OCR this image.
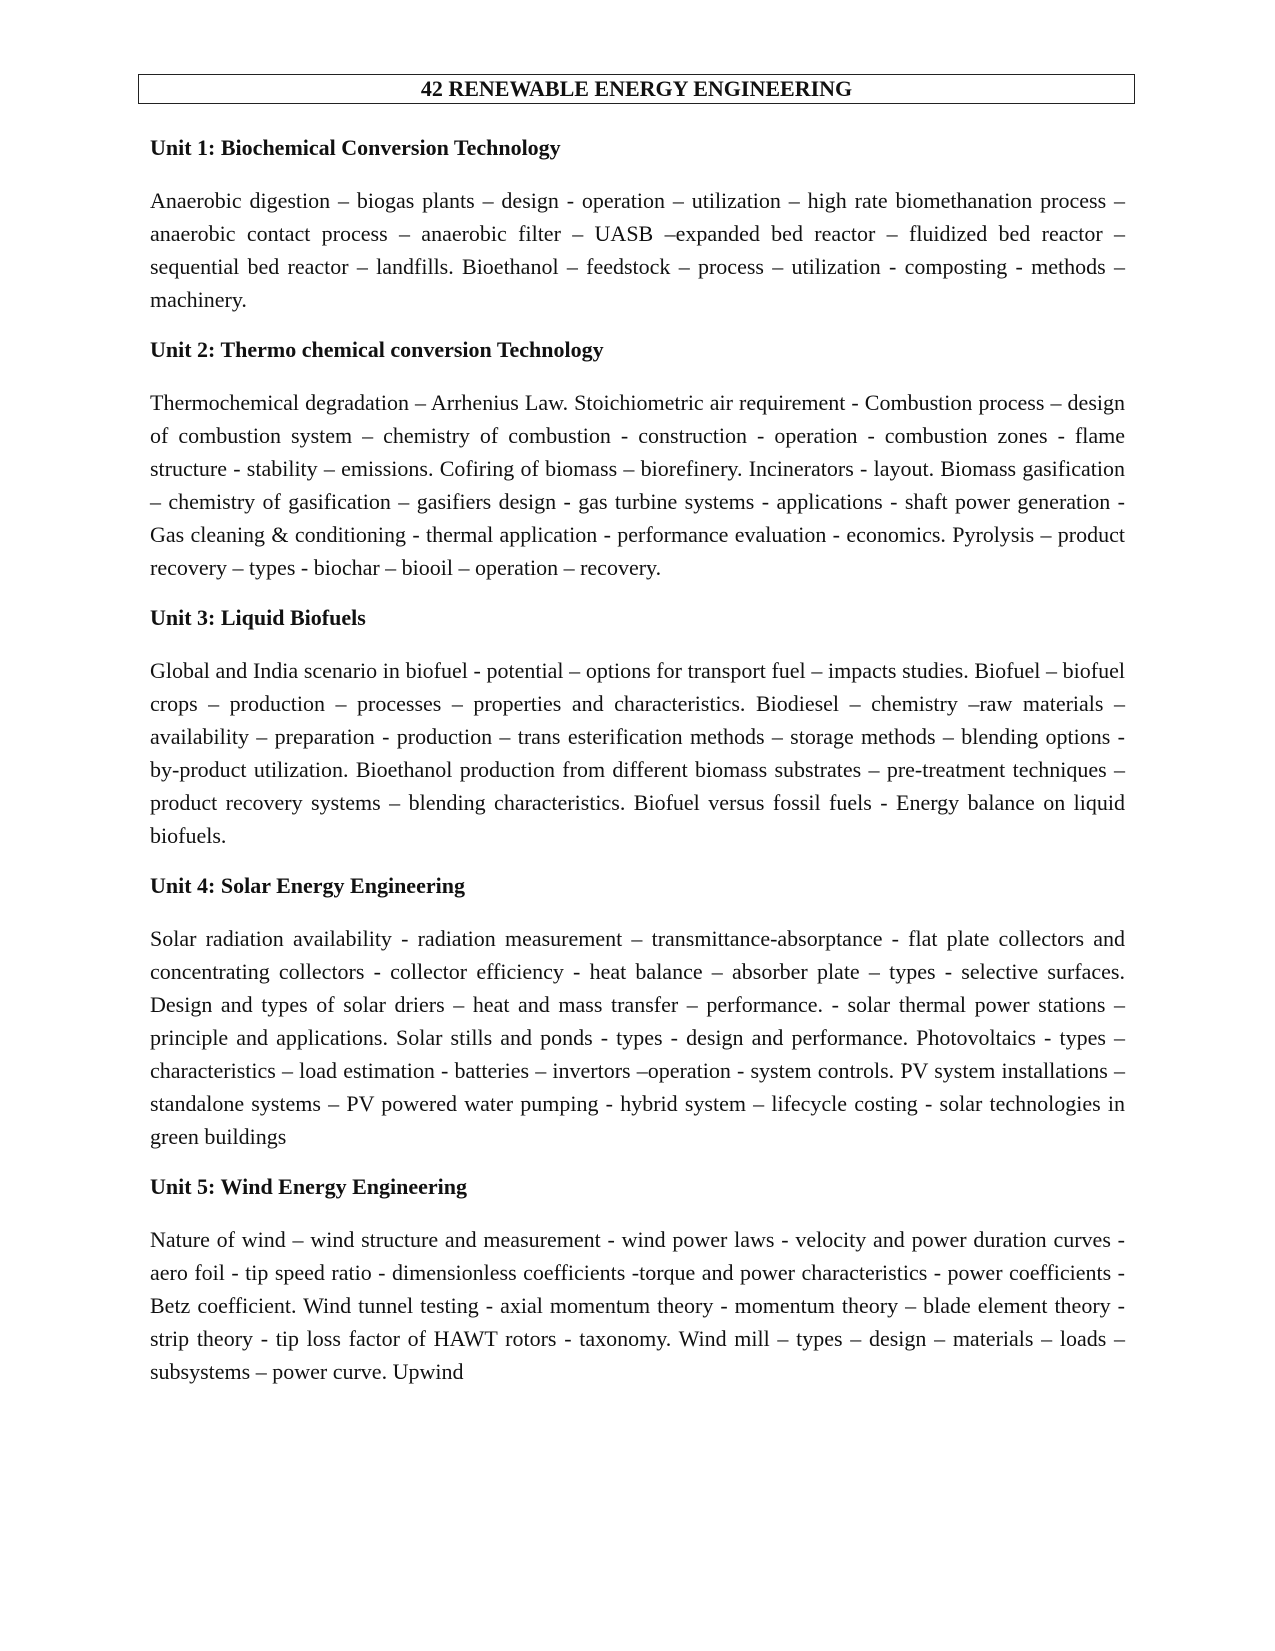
42 RENEWABLE ENERGY ENGINEERING
Unit 1: Biochemical Conversion Technology
Anaerobic digestion – biogas plants – design - operation – utilization – high rate biomethanation process – anaerobic contact process – anaerobic filter – UASB –expanded bed reactor – fluidized bed reactor – sequential bed reactor – landfills. Bioethanol – feedstock – process – utilization - composting - methods – machinery.
Unit 2: Thermo chemical conversion Technology
Thermochemical degradation – Arrhenius Law. Stoichiometric air requirement - Combustion process – design of combustion system – chemistry of combustion - construction - operation - combustion zones - flame structure - stability – emissions. Cofiring of biomass – biorefinery. Incinerators - layout. Biomass gasification – chemistry of gasification – gasifiers design - gas turbine systems - applications - shaft power generation - Gas cleaning & conditioning - thermal application - performance evaluation - economics. Pyrolysis – product recovery – types - biochar – biooil – operation – recovery.
Unit 3: Liquid Biofuels
Global and India scenario in biofuel - potential – options for transport fuel – impacts studies. Biofuel – biofuel crops – production – processes – properties and characteristics. Biodiesel – chemistry –raw materials – availability – preparation - production – trans esterification methods – storage methods – blending options - by-product utilization. Bioethanol production from different biomass substrates – pre-treatment techniques –product recovery systems – blending characteristics. Biofuel versus fossil fuels - Energy balance on liquid biofuels.
Unit 4: Solar Energy Engineering
Solar radiation availability - radiation measurement – transmittance-absorptance - flat plate collectors and concentrating collectors - collector efficiency - heat balance – absorber plate – types - selective surfaces. Design and types of solar driers – heat and mass transfer – performance. - solar thermal power stations – principle and applications. Solar stills and ponds - types - design and performance. Photovoltaics - types – characteristics – load estimation - batteries – invertors –operation - system controls. PV system installations – standalone systems – PV powered water pumping - hybrid system – lifecycle costing - solar technologies in green buildings
Unit 5: Wind Energy Engineering
Nature of wind – wind structure and measurement - wind power laws - velocity and power duration curves - aero foil - tip speed ratio - dimensionless coefficients -torque and power characteristics - power coefficients - Betz coefficient. Wind tunnel testing - axial momentum theory - momentum theory – blade element theory - strip theory - tip loss factor of HAWT rotors - taxonomy. Wind mill – types – design – materials – loads – subsystems – power curve. Upwind
